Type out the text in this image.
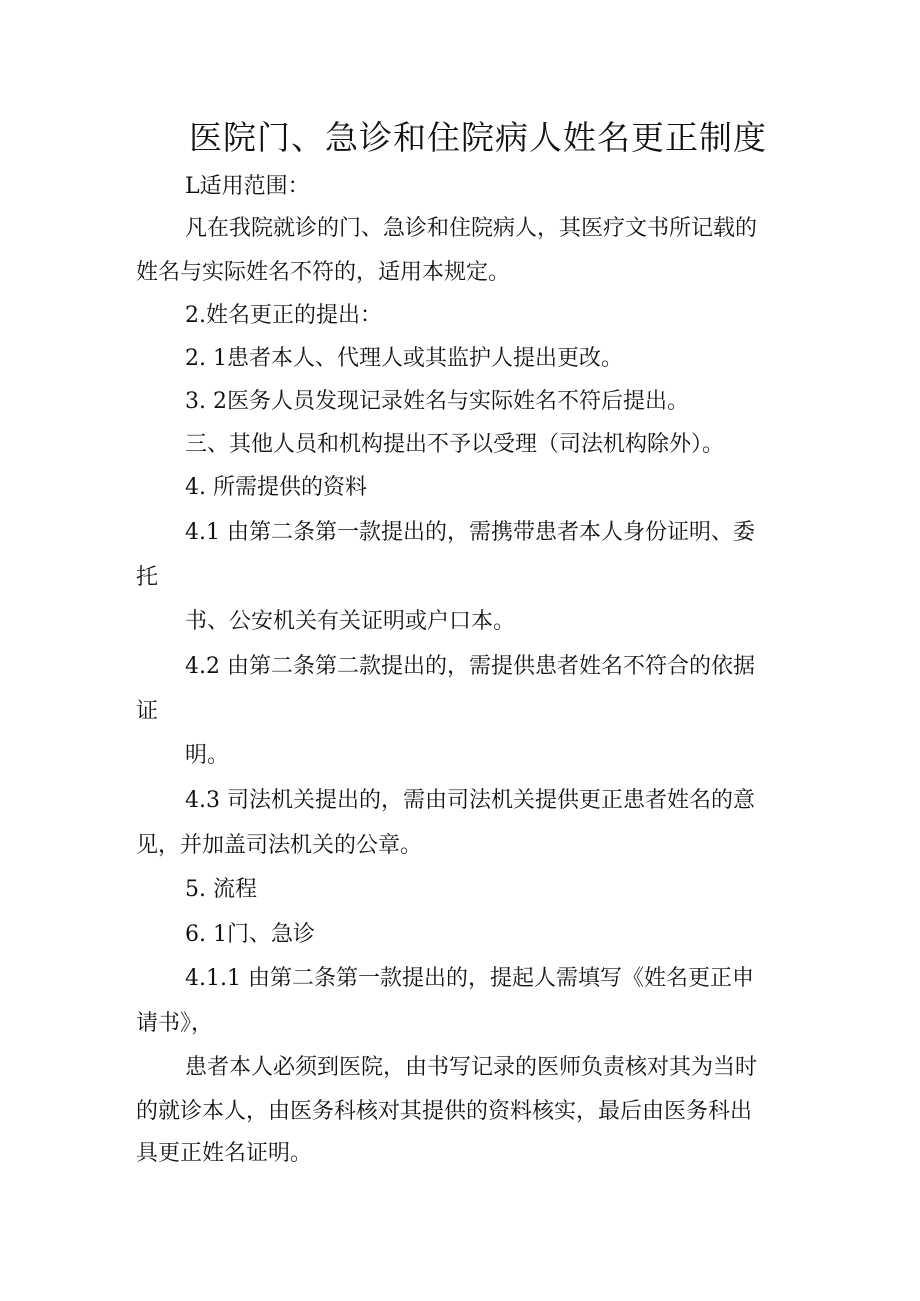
医院门、急诊和住院病人姓名更正制度
L适用范围：
凡在我院就诊的门、急诊和住院病人，其医疗文书所记载的
姓名与实际姓名不符的，适用本规定。
2.姓名更正的提出：
2. 1患者本人、代理人或其监护人提出更改。
3. 2医务人员发现记录姓名与实际姓名不符后提出。
三、其他人员和机构提出不予以受理（司法机构除外）。
4. 所需提供的资料
4.1 由第二条第一款提出的，需携带患者本人身份证明、委
托
书、公安机关有关证明或户口本。
4.2 由第二条第二款提出的，需提供患者姓名不符合的依据
证
明。
4.3 司法机关提出的，需由司法机关提供更正患者姓名的意
见，并加盖司法机关的公章。
5. 流程
6. 1门、急诊
4.1.1 由第二条第一款提出的，提起人需填写《姓名更正申
请书》，
患者本人必须到医院，由书写记录的医师负责核对其为当时
的就诊本人，由医务科核对其提供的资料核实，最后由医务科出
具更正姓名证明。
